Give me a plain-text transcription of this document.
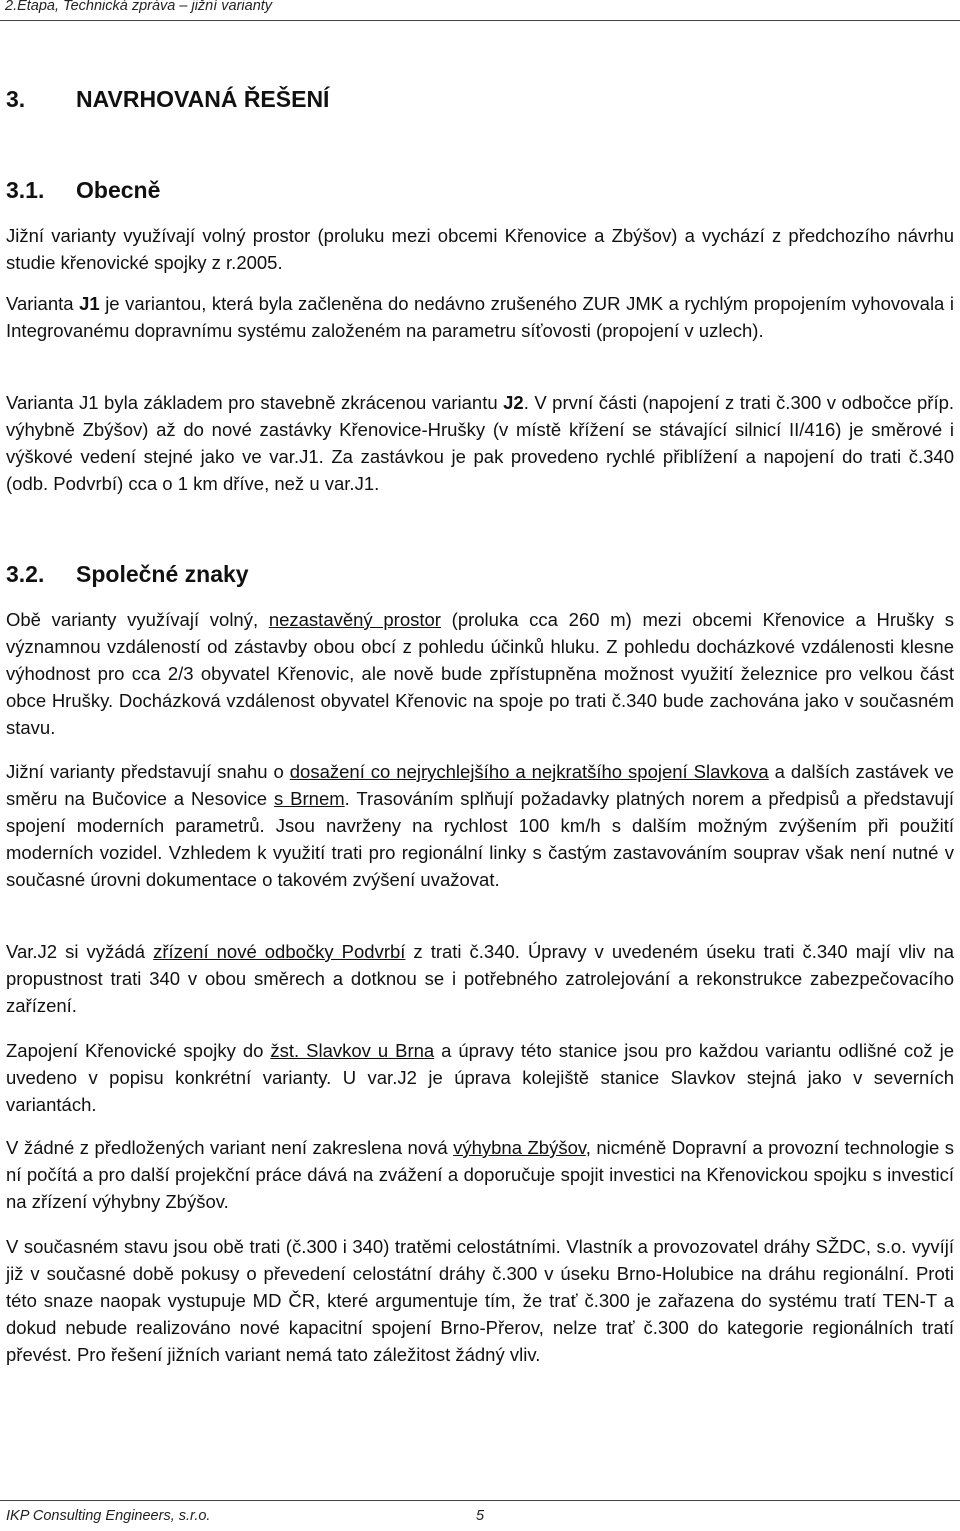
2.Etapa, Technická zpráva – jižní varianty
3. NAVRHOVANÁ ŘEŠENÍ
3.1. Obecně
Jižní varianty využívají volný prostor (proluku mezi obcemi Křenovice a Zbýšov) a vychází z předchozího návrhu studie křenovické spojky z r.2005.
Varianta J1 je variantou, která byla začleněna do nedávno zrušeného ZUR JMK a rychlým propojením vyhovovala i Integrovanému dopravnímu systému založeném na parametru síťovosti (propojení v uzlech).
Varianta J1 byla základem pro stavebně zkrácenou variantu J2. V první části (napojení z trati č.300 v odbočce příp. výhybně Zbýšov) až do nové zastávky Křenovice-Hrušky (v místě křížení se stávající silnicí II/416) je směrové i výškové vedení stejné jako ve var.J1. Za zastávkou je pak provedeno rychlé přiblížení a napojení do trati č.340 (odb. Podvrbí) cca o 1 km dříve, než u var.J1.
3.2. Společné znaky
Obě varianty využívají volný, nezastavěný prostor (proluka cca 260 m) mezi obcemi Křenovice a Hrušky s významnou vzdáleností od zástavby obou obcí z pohledu účinků hluku. Z pohledu docházkové vzdálenosti klesne výhodnost pro cca 2/3 obyvatel Křenovic, ale nově bude zpřístupněna možnost využití železnice pro velkou část obce Hrušky. Docházková vzdálenost obyvatel Křenovic na spoje po trati č.340 bude zachována jako v současném stavu.
Jižní varianty představují snahu o dosažení co nejrychlejšího a nejkratšího spojení Slavkova a dalších zastávek ve směru na Bučovice a Nesovice s Brnem. Trasováním splňují požadavky platných norem a předpisů a představují spojení moderních parametrů. Jsou navrženy na rychlost 100 km/h s dalším možným zvýšením při použití moderních vozidel. Vzhledem k využití trati pro regionální linky s častým zastavováním souprav však není nutné v současné úrovni dokumentace o takovém zvýšení uvažovat.
Var.J2 si vyžádá zřízení nové odbočky Podvrbí z trati č.340. Úpravy v uvedeném úseku trati č.340 mají vliv na propustnost trati 340 v obou směrech a dotknou se i potřebného zatrolejování a rekonstrukce zabezpečovacího zařízení.
Zapojení Křenovické spojky do žst. Slavkov u Brna a úpravy této stanice jsou pro každou variantu odlišné což je uvedeno v popisu konkrétní varianty. U var.J2 je úprava kolejiště stanice Slavkov stejná jako v severních variantách.
V žádné z předložených variant není zakreslena nová výhybna Zbýšov, nicméně Dopravní a provozní technologie s ní počítá a pro další projekční práce dává na zvážení a doporučuje spojit investici na Křenovickou spojku s investicí na zřízení výhybny Zbýšov.
V současném stavu jsou obě trati (č.300 i 340) tratěmi celostátními. Vlastník a provozovatel dráhy SŽDC, s.o. vyvíjí již v současné době pokusy o převedení celostátní dráhy č.300 v úseku Brno-Holubice na dráhu regionální. Proti této snaze naopak vystupuje MD ČR, které argumentuje tím, že trať č.300 je zařazena do systému tratí TEN-T a dokud nebude realizováno nové kapacitní spojení Brno-Přerov, nelze trať č.300 do kategorie regionálních tratí převést. Pro řešení jižních variant nemá tato záležitost žádný vliv.
IKP Consulting Engineers, s.r.o.	5
